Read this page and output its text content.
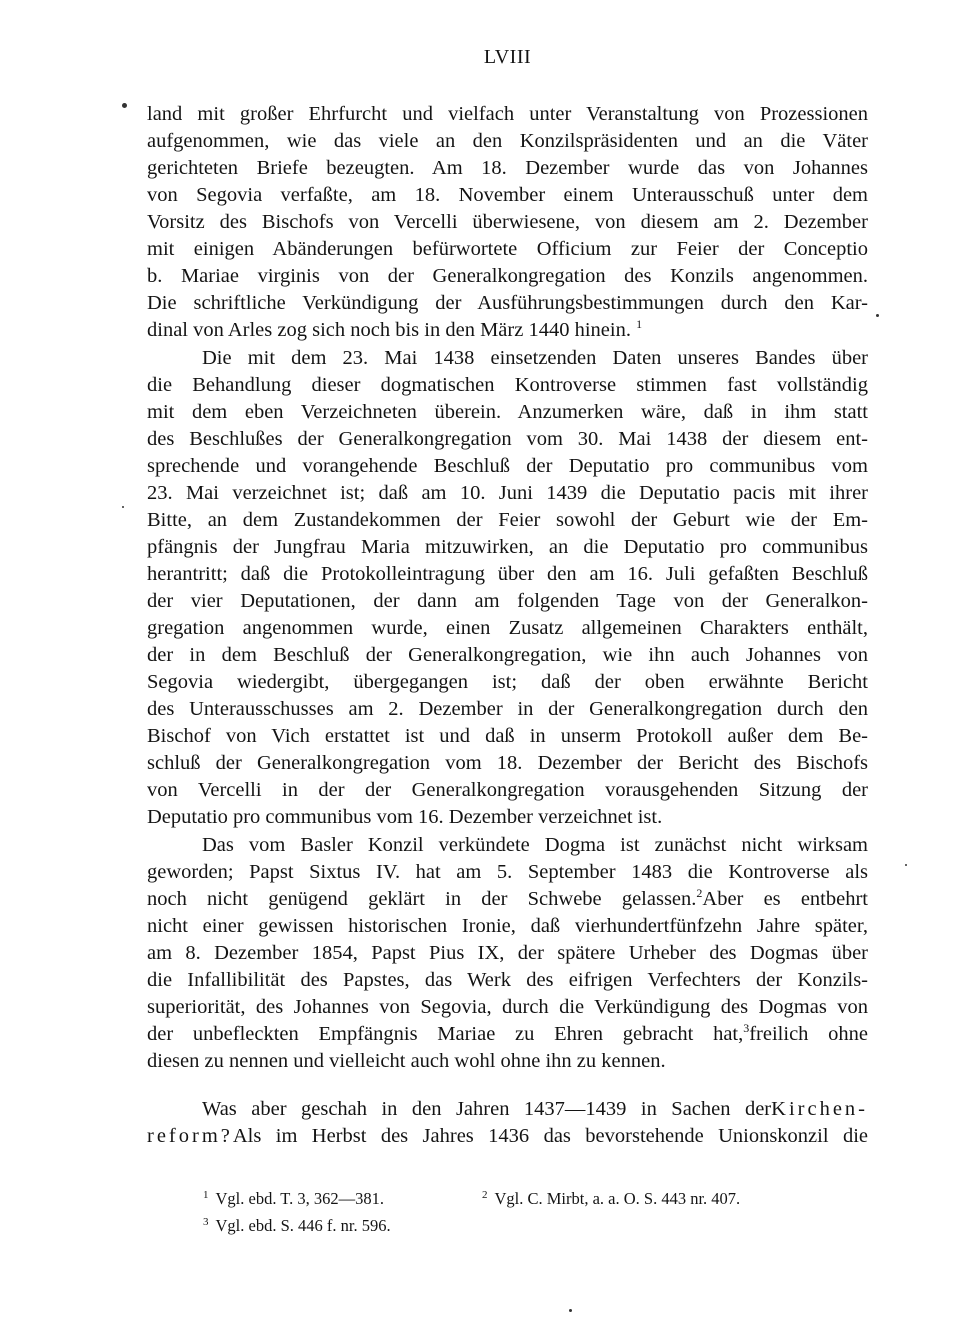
LVIII
land mit großer Ehrfurcht und vielfach unter Veranstaltung von Prozessionen
aufgenommen, wie das viele an den Konzilspräsidenten und an die Väter
gerichteten Briefe bezeugten. Am 18. Dezember wurde das von Johannes
von Segovia verfaßte, am 18. November einem Unterausschuß unter dem
Vorsitz des Bischofs von Vercelli überwiesene, von diesem am 2. Dezember
mit einigen Abänderungen befürwortete Officium zur Feier der Conceptio
b. Mariae virginis von der Generalkongregation des Konzils angenommen.
Die schriftliche Verkündigung der Ausführungsbestimmungen durch den Kar-
dinal von Arles zog sich noch bis in den März 1440 hinein. $^1$
Die mit dem 23. Mai 1438 einsetzenden Daten unseres Bandes über
die Behandlung dieser dogmatischen Kontroverse stimmen fast vollständig
mit dem eben Verzeichneten überein. Anzumerken wäre, daß in ihm statt
des Beschlußes der Generalkongregation vom 30. Mai 1438 der diesem ent-
sprechende und vorangehende Beschluß der Deputatio pro communibus vom
23. Mai verzeichnet ist; daß am 10. Juni 1439 die Deputatio pacis mit ihrer
Bitte, an dem Zustandekommen der Feier sowohl der Geburt wie der Em-
pfängnis der Jungfrau Maria mitzuwirken, an die Deputatio pro communibus
herantritt; daß die Protokolleintragung über den am 16. Juli gefaßten Beschluß
der vier Deputationen, der dann am folgenden Tage von der Generalkon-
gregation angenommen wurde, einen Zusatz allgemeinen Charakters enthält,
der in dem Beschluß der Generalkongregation, wie ihn auch Johannes von
Segovia wiedergibt, übergegangen ist; daß der oben erwähnte Bericht
des Unterausschusses am 2. Dezember in der Generalkongregation durch den
Bischof von Vich erstattet ist und daß in unserm Protokoll außer dem Be-
schluß der Generalkongregation vom 18. Dezember der Bericht des Bischofs
von Vercelli in der der Generalkongregation vorausgehenden Sitzung der
Deputatio pro communibus vom 16. Dezember verzeichnet ist.
Das vom Basler Konzil verkündete Dogma ist zunächst nicht wirksam
geworden; Papst Sixtus IV. hat am 5. September 1483 die Kontroverse als
noch nicht genügend geklärt in der Schwebe gelassen.$^2$Aber es entbehrt
nicht einer gewissen historischen Ironie, daß vierhundertfünfzehn Jahre später,
am 8. Dezember 1854, Papst Pius IX, der spätere Urheber des Dogmas über
die Infallibilität des Papstes, das Werk des eifrigen Verfechters der Konzils-
superiorität, des Johannes von Segovia, durch die Verkündigung des Dogmas von
der unbefleckten Empfängnis Mariae zu Ehren gebracht hat,$^3$freilich ohne
diesen zu nennen und vielleicht auch wohl ohne ihn zu kennen.
Was aber geschah in den Jahren 1437—1439 in Sachen derKirchen-
reform?Als im Herbst des Jahres 1436 das bevorstehende Unionskonzil die
$^1$ Vgl. ebd. T. 3, 362—381.	$^2$ Vgl. C. Mirbt, a. a. O. S. 443 nr. 407.
$^3$ Vgl. ebd. S. 446 f. nr. 596.
